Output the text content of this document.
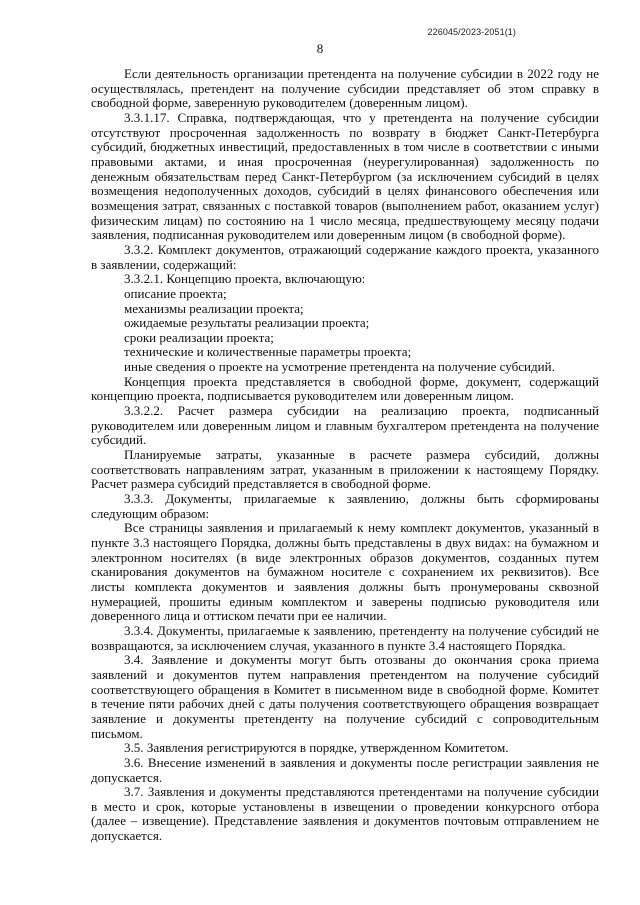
226045/2023-2051(1)
8

Если деятельность организации претендента на получение субсидии в 2022 году не осуществлялась, претендент на получение субсидии представляет об этом справку в свободной форме, заверенную руководителем (доверенным лицом).

3.3.1.17. Справка, подтверждающая, что у претендента на получение субсидии отсутствуют просроченная задолженность по возврату в бюджет Санкт-Петербурга субсидий, бюджетных инвестиций, предоставленных в том числе в соответствии с иными правовыми актами, и иная просроченная (неурегулированная) задолженность по денежным обязательствам перед Санкт-Петербургом (за исключением субсидий в целях возмещения недополученных доходов, субсидий в целях финансового обеспечения или возмещения затрат, связанных с поставкой товаров (выполнением работ, оказанием услуг) физическим лицам) по состоянию на 1 число месяца, предшествующему месяцу подачи заявления, подписанная руководителем или доверенным лицом (в свободной форме).

3.3.2. Комплект документов, отражающий содержание каждого проекта, указанного в заявлении, содержащий:

3.3.2.1. Концепцию проекта, включающую:

описание проекта;

механизмы реализации проекта;

ожидаемые результаты реализации проекта;

сроки реализации проекта;

технические и количественные параметры проекта;

иные сведения о проекте на усмотрение претендента на получение субсидий.

Концепция проекта представляется в свободной форме, документ, содержащий концепцию проекта, подписывается руководителем или доверенным лицом.

3.3.2.2. Расчет размера субсидии на реализацию проекта, подписанный руководителем или доверенным лицом и главным бухгалтером претендента на получение субсидий.

Планируемые затраты, указанные в расчете размера субсидий, должны соответствовать направлениям затрат, указанным в приложении к настоящему Порядку. Расчет размера субсидий представляется в свободной форме.

3.3.3. Документы, прилагаемые к заявлению, должны быть сформированы следующим образом:

Все страницы заявления и прилагаемый к нему комплект документов, указанный в пункте 3.3 настоящего Порядка, должны быть представлены в двух видах: на бумажном и электронном носителях (в виде электронных образов документов, созданных путем сканирования документов на бумажном носителе с сохранением их реквизитов). Все листы комплекта документов и заявления должны быть пронумерованы сквозной нумерацией, прошиты единым комплектом и заверены подписью руководителя или доверенного лица и оттиском печати при ее наличии.

3.3.4. Документы, прилагаемые к заявлению, претенденту на получение субсидий не возвращаются, за исключением случая, указанного в пункте 3.4 настоящего Порядка.

3.4. Заявление и документы могут быть отозваны до окончания срока приема заявлений и документов путем направления претендентом на получение субсидий соответствующего обращения в Комитет в письменном виде в свободной форме. Комитет в течение пяти рабочих дней с даты получения соответствующего обращения возвращает заявление и документы претенденту на получение субсидий с сопроводительным письмом.

3.5. Заявления регистрируются в порядке, утвержденном Комитетом.

3.6. Внесение изменений в заявления и документы после регистрации заявления не допускается.

3.7. Заявления и документы представляются претендентами на получение субсидии в место и срок, которые установлены в извещении о проведении конкурсного отбора (далее – извещение). Представление заявления и документов почтовым отправлением не допускается.
